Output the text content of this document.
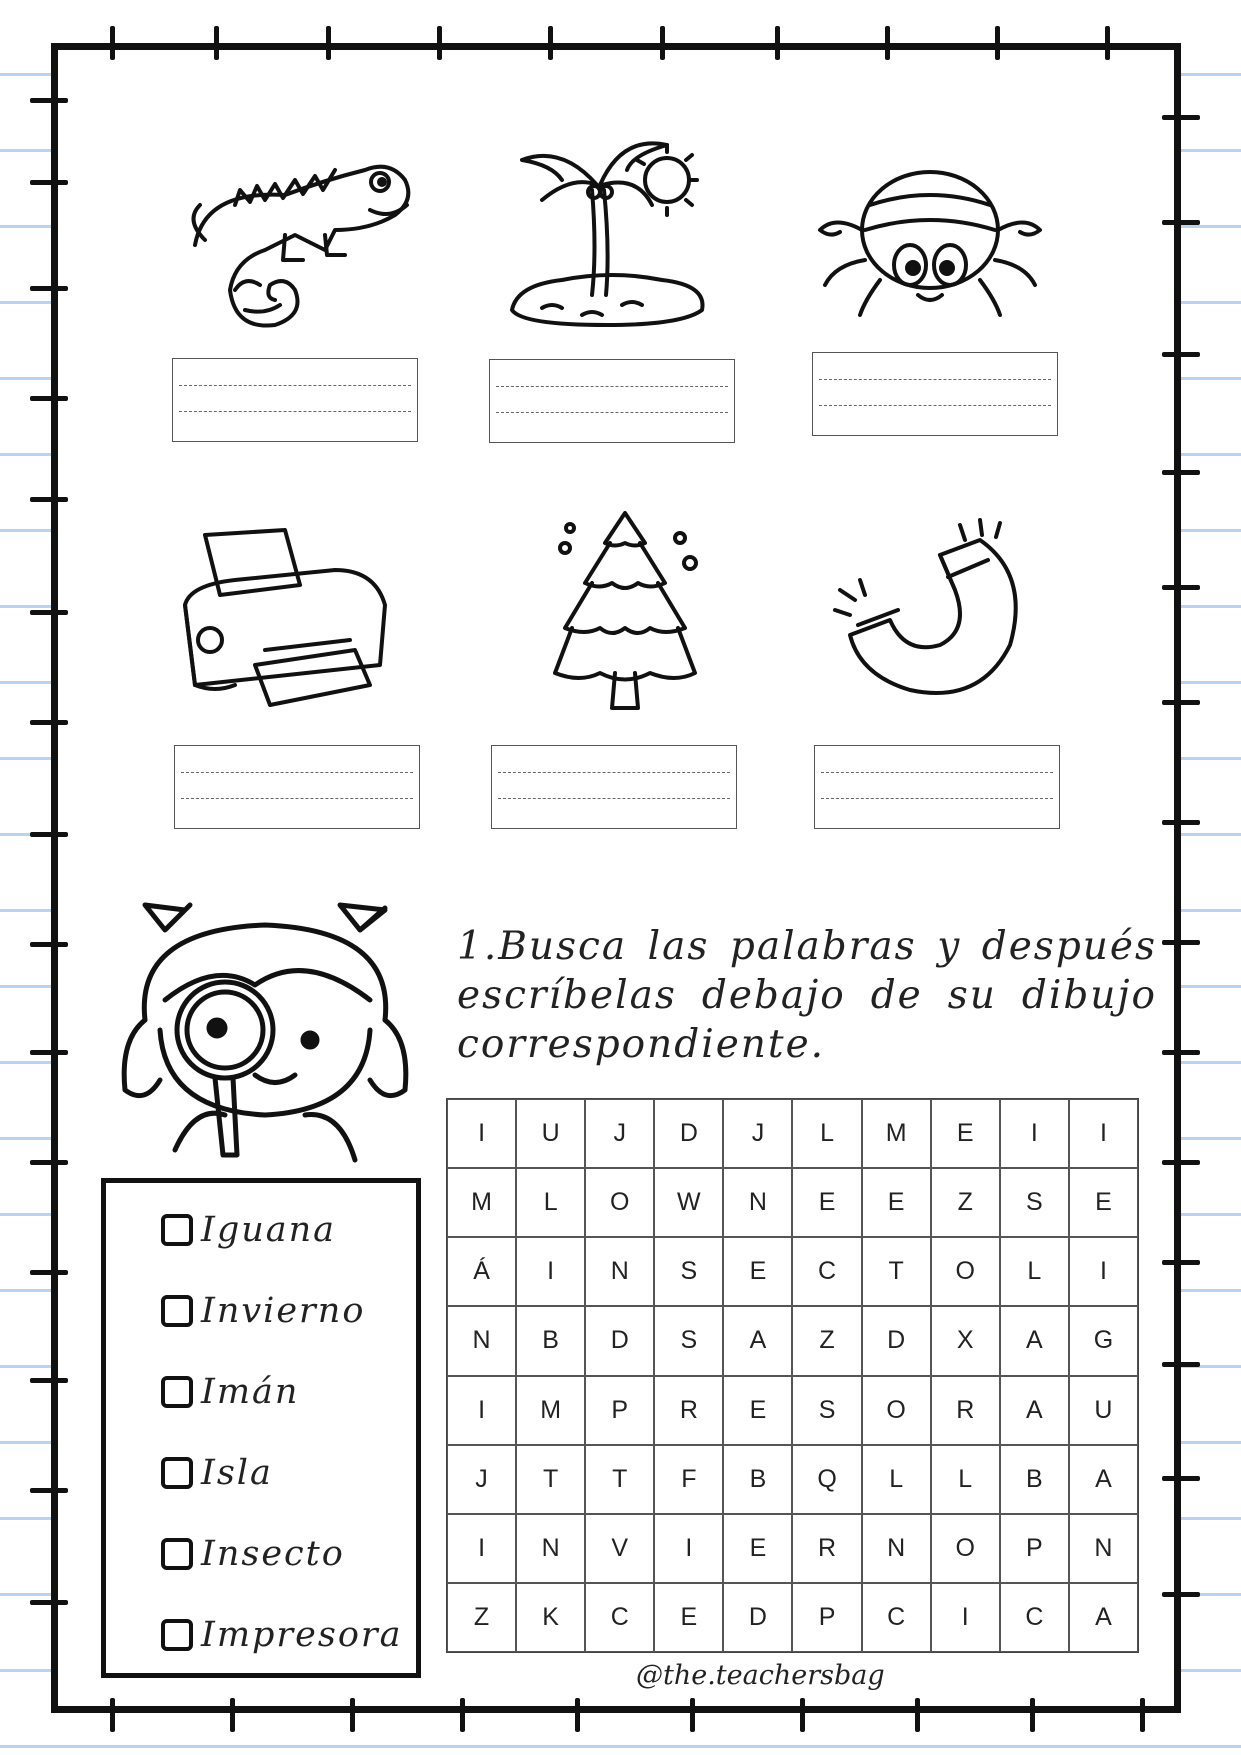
1.Busca las palabras y después escríbelas debajo de su dibujo correspondiente.
Iguana
Invierno
Imán
Isla
Insecto
Impresora
I	U	J	D	J	L	M	E	I	I
M	L	O	W	N	E	E	Z	S	E
Á	I	N	S	E	C	T	O	L	I
N	B	D	S	A	Z	D	X	A	G
I	M	P	R	E	S	O	R	A	U
J	T	T	F	B	Q	L	L	B	A
I	N	V	I	E	R	N	O	P	N
Z	K	C	E	D	P	C	I	C	A
@the.teachersbag
